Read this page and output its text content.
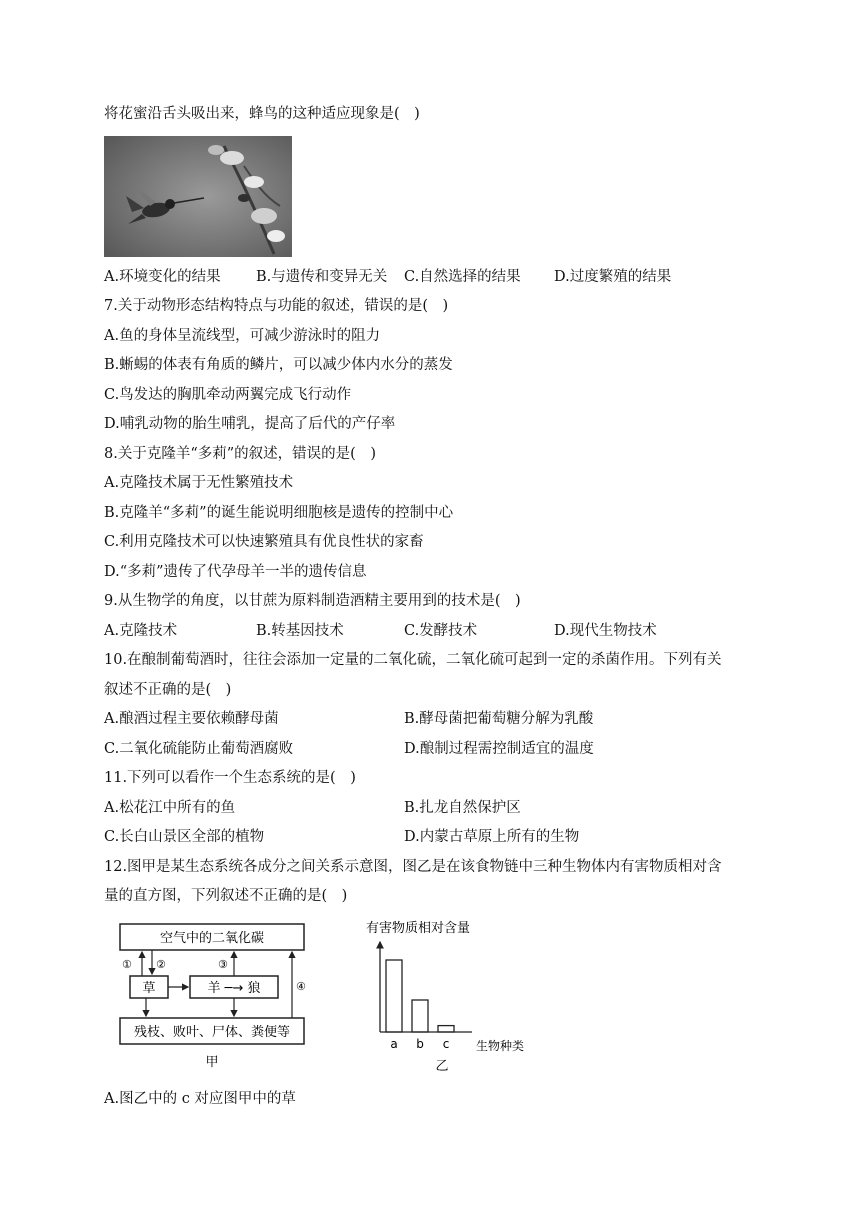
将花蜜沿舌头吸出来，蜂鸟的这种适应现象是(　)
A.环境变化的结果 B.与遗传和变异无关 C.自然选择的结果 D.过度繁殖的结果
7.关于动物形态结构特点与功能的叙述，错误的是(　)
A.鱼的身体呈流线型，可减少游泳时的阻力
B.蜥蜴的体表有角质的鳞片，可以减少体内水分的蒸发
C.鸟发达的胸肌牵动两翼完成飞行动作
D.哺乳动物的胎生哺乳，提高了后代的产仔率
8.关于克隆羊“多莉”的叙述，错误的是(　)
A.克隆技术属于无性繁殖技术
B.克隆羊“多莉”的诞生能说明细胞核是遗传的控制中心
C.利用克隆技术可以快速繁殖具有优良性状的家畜
D.“多莉”遗传了代孕母羊一半的遗传信息
9.从生物学的角度，以甘蔗为原料制造酒精主要用到的技术是(　)
A.克隆技术	B.转基因技术	C.发酵技术	D.现代生物技术
10.在酿制葡萄酒时，往往会添加一定量的二氧化硫，二氧化硫可起到一定的杀菌作用。下列有关
叙述不正确的是(　)
A.酿酒过程主要依赖酵母菌	B.酵母菌把葡萄糖分解为乳酸
C.二氧化硫能防止葡萄酒腐败	D.酿制过程需控制适宜的温度
11.下列可以看作一个生态系统的是(　)
A.松花江中所有的鱼	B.扎龙自然保护区
C.长白山景区全部的植物	D.内蒙古草原上所有的生物
12.图甲是某生态系统各成分之间关系示意图，图乙是在该食物链中三种生物体内有害物质相对含
量的直方图，下列叙述不正确的是(　)
空气中的二氧化碳
草	羊 ─→ 狼
残枝、败叶、尸体、粪便等
① ②	③
④
甲
有害物质相对含量
生物种类
乙
a b c
A.图乙中的 c 对应图甲中的草
